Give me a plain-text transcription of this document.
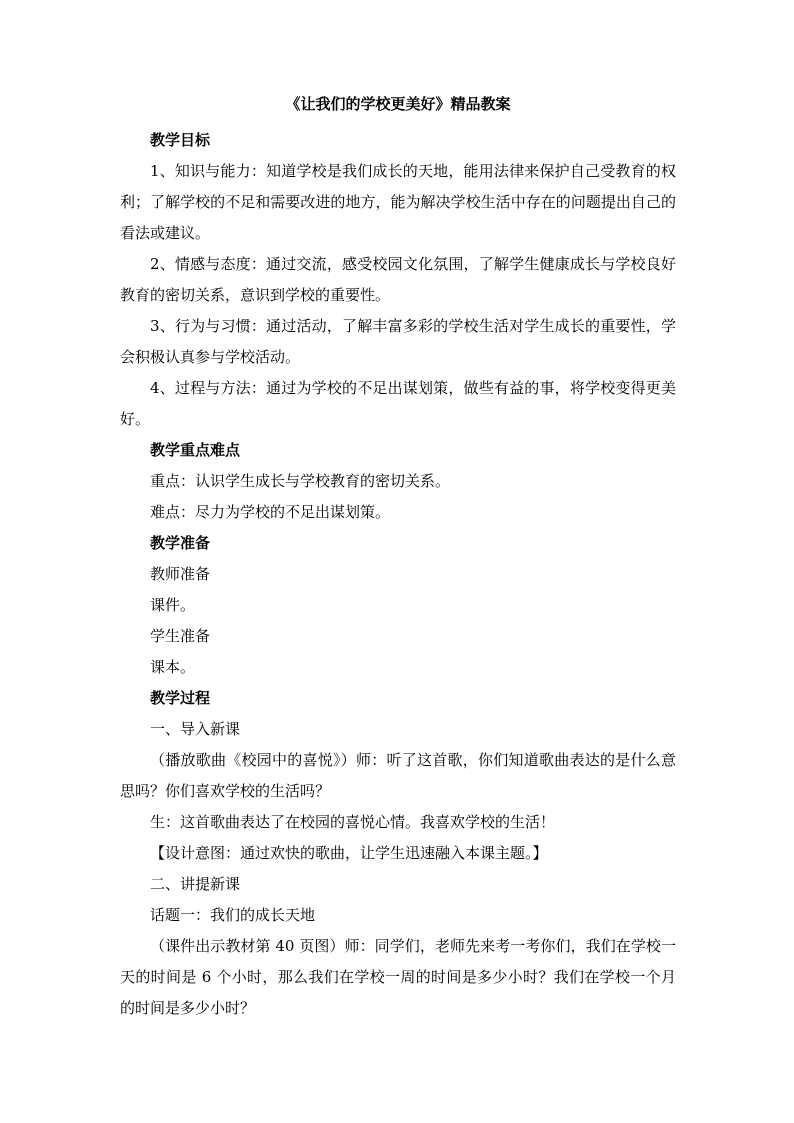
《让我们的学校更美好》精品教案

教学目标

1、知识与能力：知道学校是我们成长的天地，能用法律来保护自己受教育的权利；了解学校的不足和需要改进的地方，能为解决学校生活中存在的问题提出自己的看法或建议。

2、情感与态度：通过交流，感受校园文化氛围，了解学生健康成长与学校良好教育的密切关系，意识到学校的重要性。

3、行为与习惯：通过活动，了解丰富多彩的学校生活对学生成长的重要性，学会积极认真参与学校活动。

4、过程与方法：通过为学校的不足出谋划策，做些有益的事，将学校变得更美好。

教学重点难点

重点：认识学生成长与学校教育的密切关系。

难点：尽力为学校的不足出谋划策。

教学准备

教师准备

课件。

学生准备

课本。

教学过程

一、导入新课

（播放歌曲《校园中的喜悦》）师：听了这首歌，你们知道歌曲表达的是什么意思吗？你们喜欢学校的生活吗？

生：这首歌曲表达了在校园的喜悦心情。我喜欢学校的生活！

【设计意图：通过欢快的歌曲，让学生迅速融入本课主题。】

二、讲提新课

话题一：我们的成长天地

（课件出示教材第 40 页图）师：同学们，老师先来考一考你们，我们在学校一天的时间是 6 个小时，那么我们在学校一周的时间是多少小时？我们在学校一个月的时间是多少小时？
